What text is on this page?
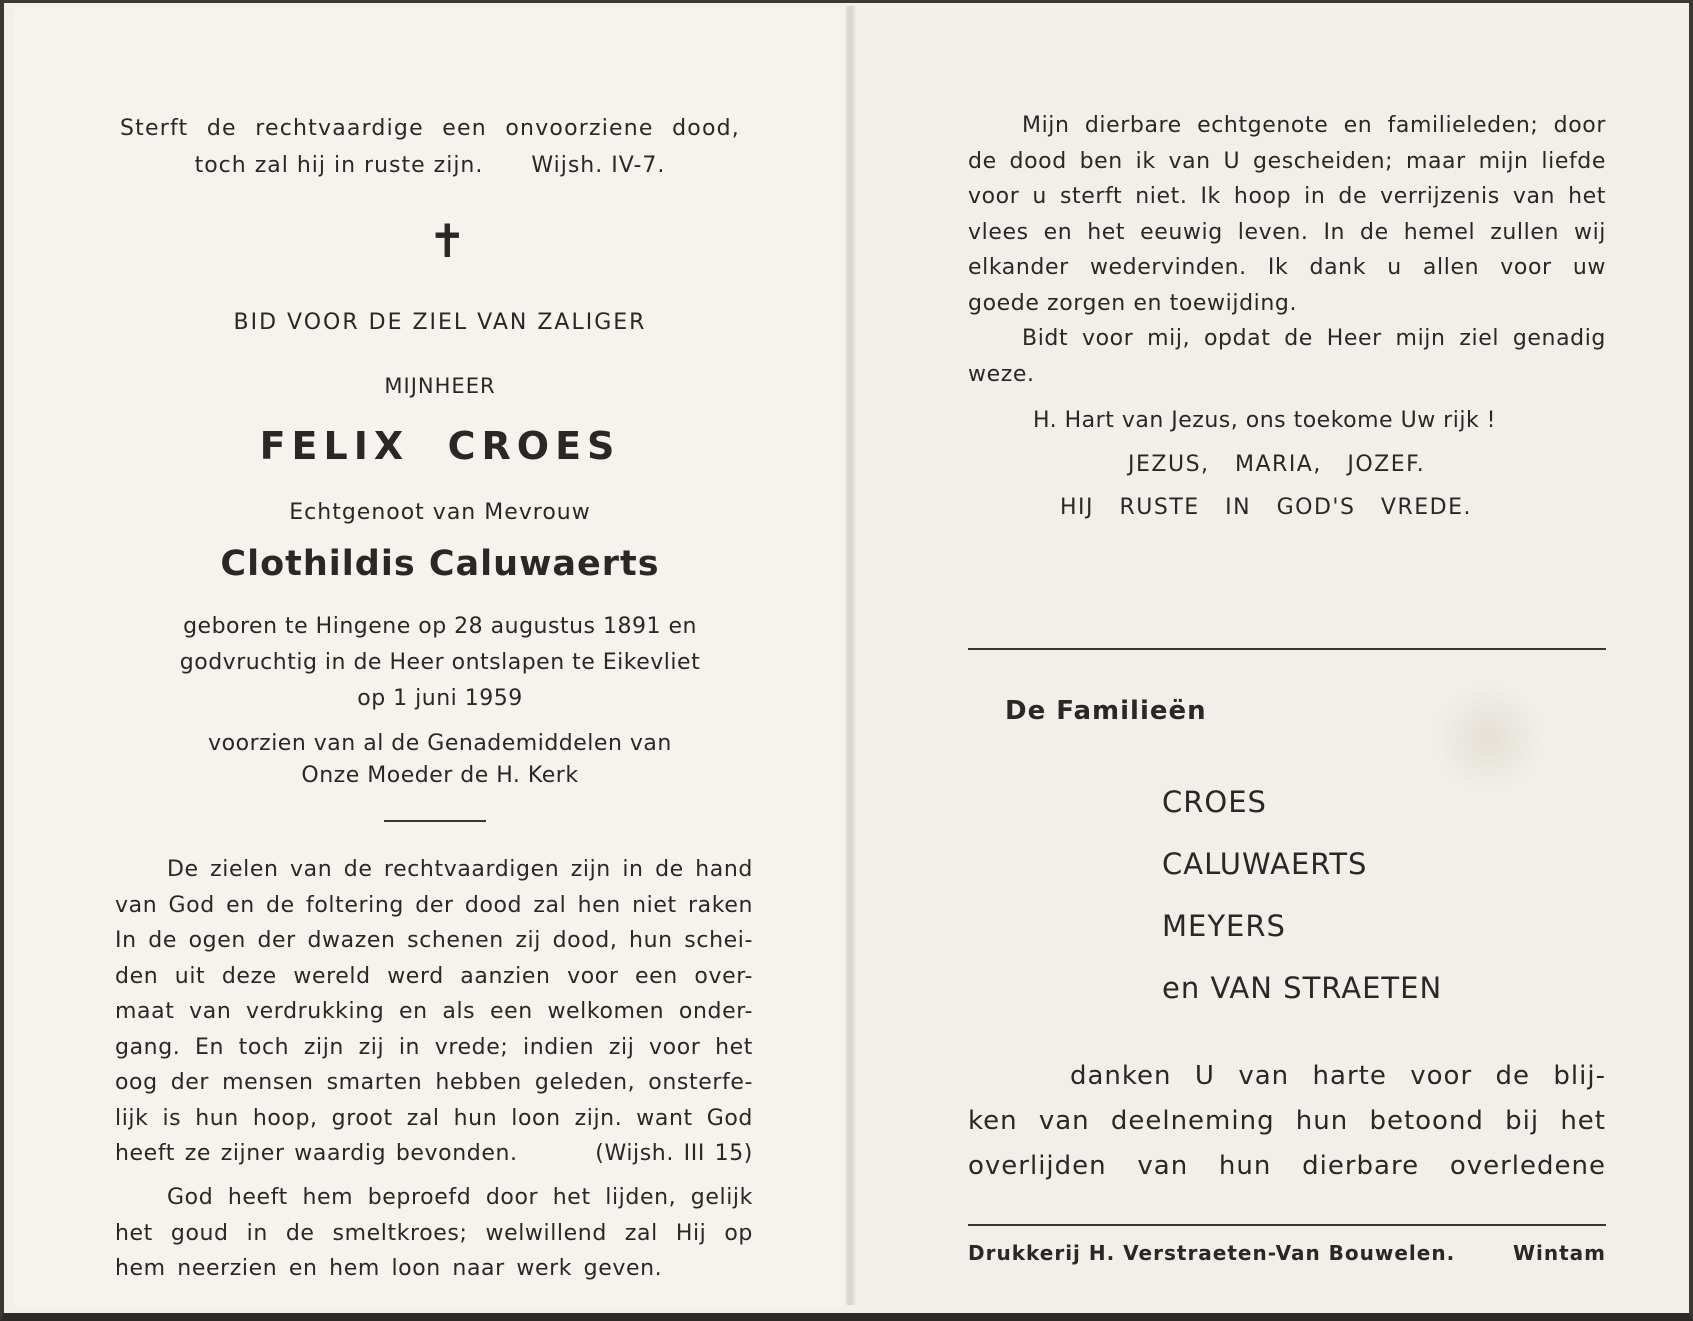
Sterft de rechtvaardige een onvoorziene dood,
toch zal hij in ruste zijn.      Wijsh. IV-7.
✝
BID VOOR DE ZIEL VAN ZALIGER
MIJNHEER
FELIX  CROES
Echtgenoot van Mevrouw
Clothildis Caluwaerts
geboren te Hingene op 28 augustus 1891 en
godvruchtig in de Heer ontslapen te Eikevliet
op 1 juni 1959
voorzien van al de Genademiddelen van
Onze Moeder de H. Kerk
De zielen van de rechtvaardigen zijn in de hand
van God en de foltering der dood zal hen niet raken
In de ogen der dwazen schenen zij dood, hun schei-
den uit deze wereld werd aanzien voor een over-
maat van verdrukking en als een welkomen onder-
gang. En toch zijn zij in vrede; indien zij voor het
oog der mensen smarten hebben geleden, onsterfe-
lijk is hun hoop, groot zal hun loon zijn. want God
heeft ze zijner waardig bevonden.        (Wijsh. III 15)
God heeft hem beproefd door het lijden, gelijk
het goud in de smeltkroes; welwillend zal Hij op
hem neerzien en hem loon naar werk geven.
Mijn dierbare echtgenote en familieleden; door
de dood ben ik van U gescheiden; maar mijn liefde
voor u sterft niet. Ik hoop in de verrijzenis van het
vlees en het eeuwig leven. In de hemel zullen wij
elkander wedervinden. Ik dank u allen voor uw
goede zorgen en toewijding.
Bidt voor mij, opdat de Heer mijn ziel genadig
weze.
H. Hart van Jezus, ons toekome Uw rijk !
JEZUS,   MARIA,   JOZEF.
HIJ   RUSTE   IN   GOD'S   VREDE.
De Familieën
CROES
CALUWAERTS
MEYERS
en VAN STRAETEN
danken U van harte voor de blij-
ken van deelneming hun betoond bij het
overlijden van hun dierbare overledene
Drukkerij H. Verstraeten-Van Bouwelen.	Wintam
